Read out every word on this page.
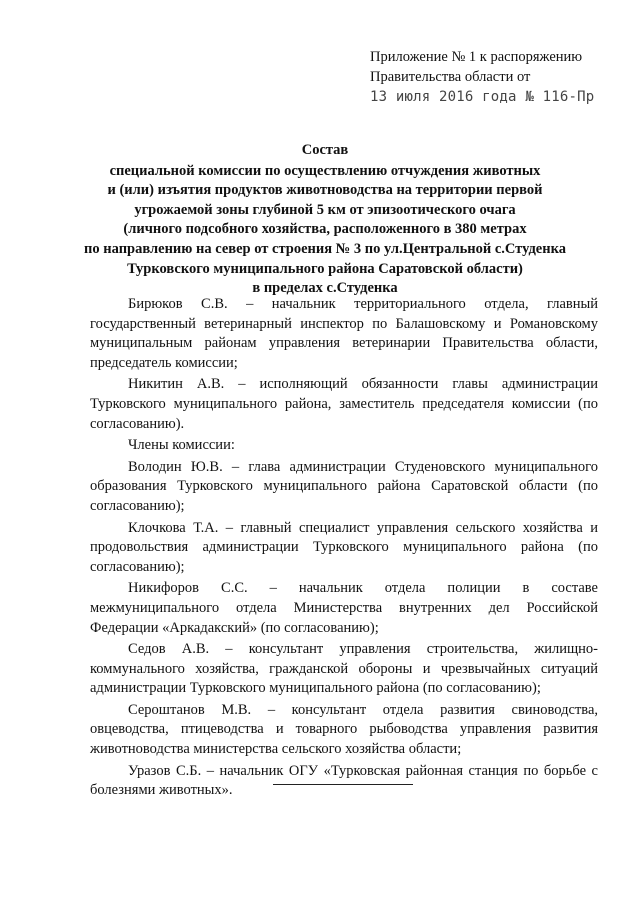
Приложение № 1 к распоряжению
Правительства области от
13 июля 2016 года № 116-Пр
Состав
специальной комиссии по осуществлению отчуждения животных
и (или) изъятия продуктов животноводства на территории первой
угрожаемой зоны глубиной 5 км от эпизоотического очага
(личного подсобного хозяйства, расположенного в 380 метрах
по направлению на север от строения № 3 по ул.Центральной с.Студенка
Турковского муниципального района Саратовской области)
в пределах с.Студенка

Бирюков С.В. – начальник территориального отдела, главный государственный ветеринарный инспектор по Балашовскому и Романовскому муниципальным районам управления ветеринарии Правительства области, председатель комиссии;

Никитин А.В. – исполняющий обязанности главы администрации Турковского муниципального района, заместитель председателя комиссии (по согласованию).

Члены комиссии:

Володин Ю.В. – глава администрации Студеновского муниципального образования Турковского муниципального района Саратовской области (по согласованию);

Клочкова Т.А. – главный специалист управления сельского хозяйства и продовольствия администрации Турковского муниципального района (по согласованию);

Никифоров С.С. – начальник отдела полиции в составе межмуниципального отдела Министерства внутренних дел Российской Федерации «Аркадакский» (по согласованию);

Седов А.В. – консультант управления строительства, жилищно-коммунального хозяйства, гражданской обороны и чрезвычайных ситуаций администрации Турковского муниципального района (по согласованию);

Сероштанов М.В. – консультант отдела развития свиноводства, овцеводства, птицеводства и товарного рыбоводства управления развития животноводства министерства сельского хозяйства области;

Уразов С.Б. – начальник ОГУ «Турковская районная станция по борьбе с болезнями животных».
